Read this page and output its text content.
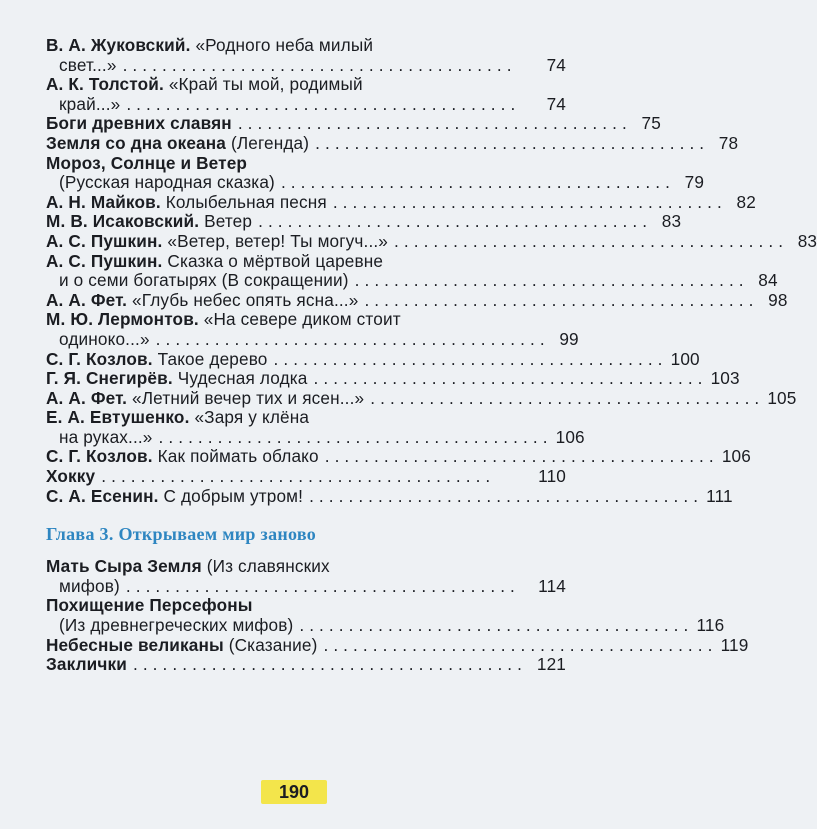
В. А. Жуковский.
«Родного неба милый
свет...» . . . . . . . . . . . . . . . . . . . . . . . . . . . . . . . . . . . . . . . .	74
А. К. Толстой.
«Край ты мой, родимый
край...» . . . . . . . . . . . . . . . . . . . . . . . . . . . . . . . . . . . . . . . .	74
Боги древних славян . . . . . . . . . . . . . . . . . . . . . . . . . . . . . . . . . . . . . . . . 75
Земля со дна океана
(Легенда) . . . . . . . . . . . . . . . . . . . . . . . . . . . . . . . . . . . . . . . . 78
Мороз, Солнце и Ветер
(Русская народная сказка) . . . . . . . . . . . . . . . . . . . . . . . . . . . . . . . . . . . . . . . . 79
А. Н. Майков.
Колыбельная песня . . . . . . . . . . . . . . . . . . . . . . . . . . . . . . . . . . . . . . . . 82
М. В. Исаковский.
Ветер . . . . . . . . . . . . . . . . . . . . . . . . . . . . . . . . . . . . . . . . 83
А. С. Пушкин.
«Ветер, ветер! Ты могуч...» . . . . . . . . . . . . . . . . . . . . . . . . . . . . . . . . . . . . . . . . 83
А. С. Пушкин.
Сказка о мёртвой царевне
и о семи богатырях (В сокращении) . . . . . . . . . . . . . . . . . . . . . . . . . . . . . . . . . . . . . . . . 84
А. А. Фет.
«Глубь небес опять ясна...» . . . . . . . . . . . . . . . . . . . . . . . . . . . . . . . . . . . . . . . . 98
М. Ю. Лермонтов.
«На севере диком стоит
одиноко...» . . . . . . . . . . . . . . . . . . . . . . . . . . . . . . . . . . . . . . . . 99
С. Г. Козлов.
Такое дерево . . . . . . . . . . . . . . . . . . . . . . . . . . . . . . . . . . . . . . . . 100
Г. Я. Снегирёв.
Чудесная лодка . . . . . . . . . . . . . . . . . . . . . . . . . . . . . . . . . . . . . . . . 103
А. А. Фет.
«Летний вечер тих и ясен...» . . . . . . . . . . . . . . . . . . . . . . . . . . . . . . . . . . . . . . . . 105
Е. А. Евтушенко.
«Заря у клёна
на руках...» . . . . . . . . . . . . . . . . . . . . . . . . . . . . . . . . . . . . . . . . 106
С. Г. Козлов.
Как поймать облако . . . . . . . . . . . . . . . . . . . . . . . . . . . . . . . . . . . . . . . . 106
Хокку . . . . . . . . . . . . . . . . . . . . . . . . . . . . . . . . . . . . . . . .	110
С. А. Есенин.
С добрым утром! . . . . . . . . . . . . . . . . . . . . . . . . . . . . . . . . . . . . . . . . 111
Глава 3. Открываем мир заново
Мать Сыра Земля
(Из славянских
мифов) . . . . . . . . . . . . . . . . . . . . . . . . . . . . . . . . . . . . . . . .	114
Похищение Персефоны
(Из древнегреческих мифов) . . . . . . . . . . . . . . . . . . . . . . . . . . . . . . . . . . . . . . . . 116
Небесные великаны
(Сказание) . . . . . . . . . . . . . . . . . . . . . . . . . . . . . . . . . . . . . . . . 119
Заклички . . . . . . . . . . . . . . . . . . . . . . . . . . . . . . . . . . . . . . . . 121
190
